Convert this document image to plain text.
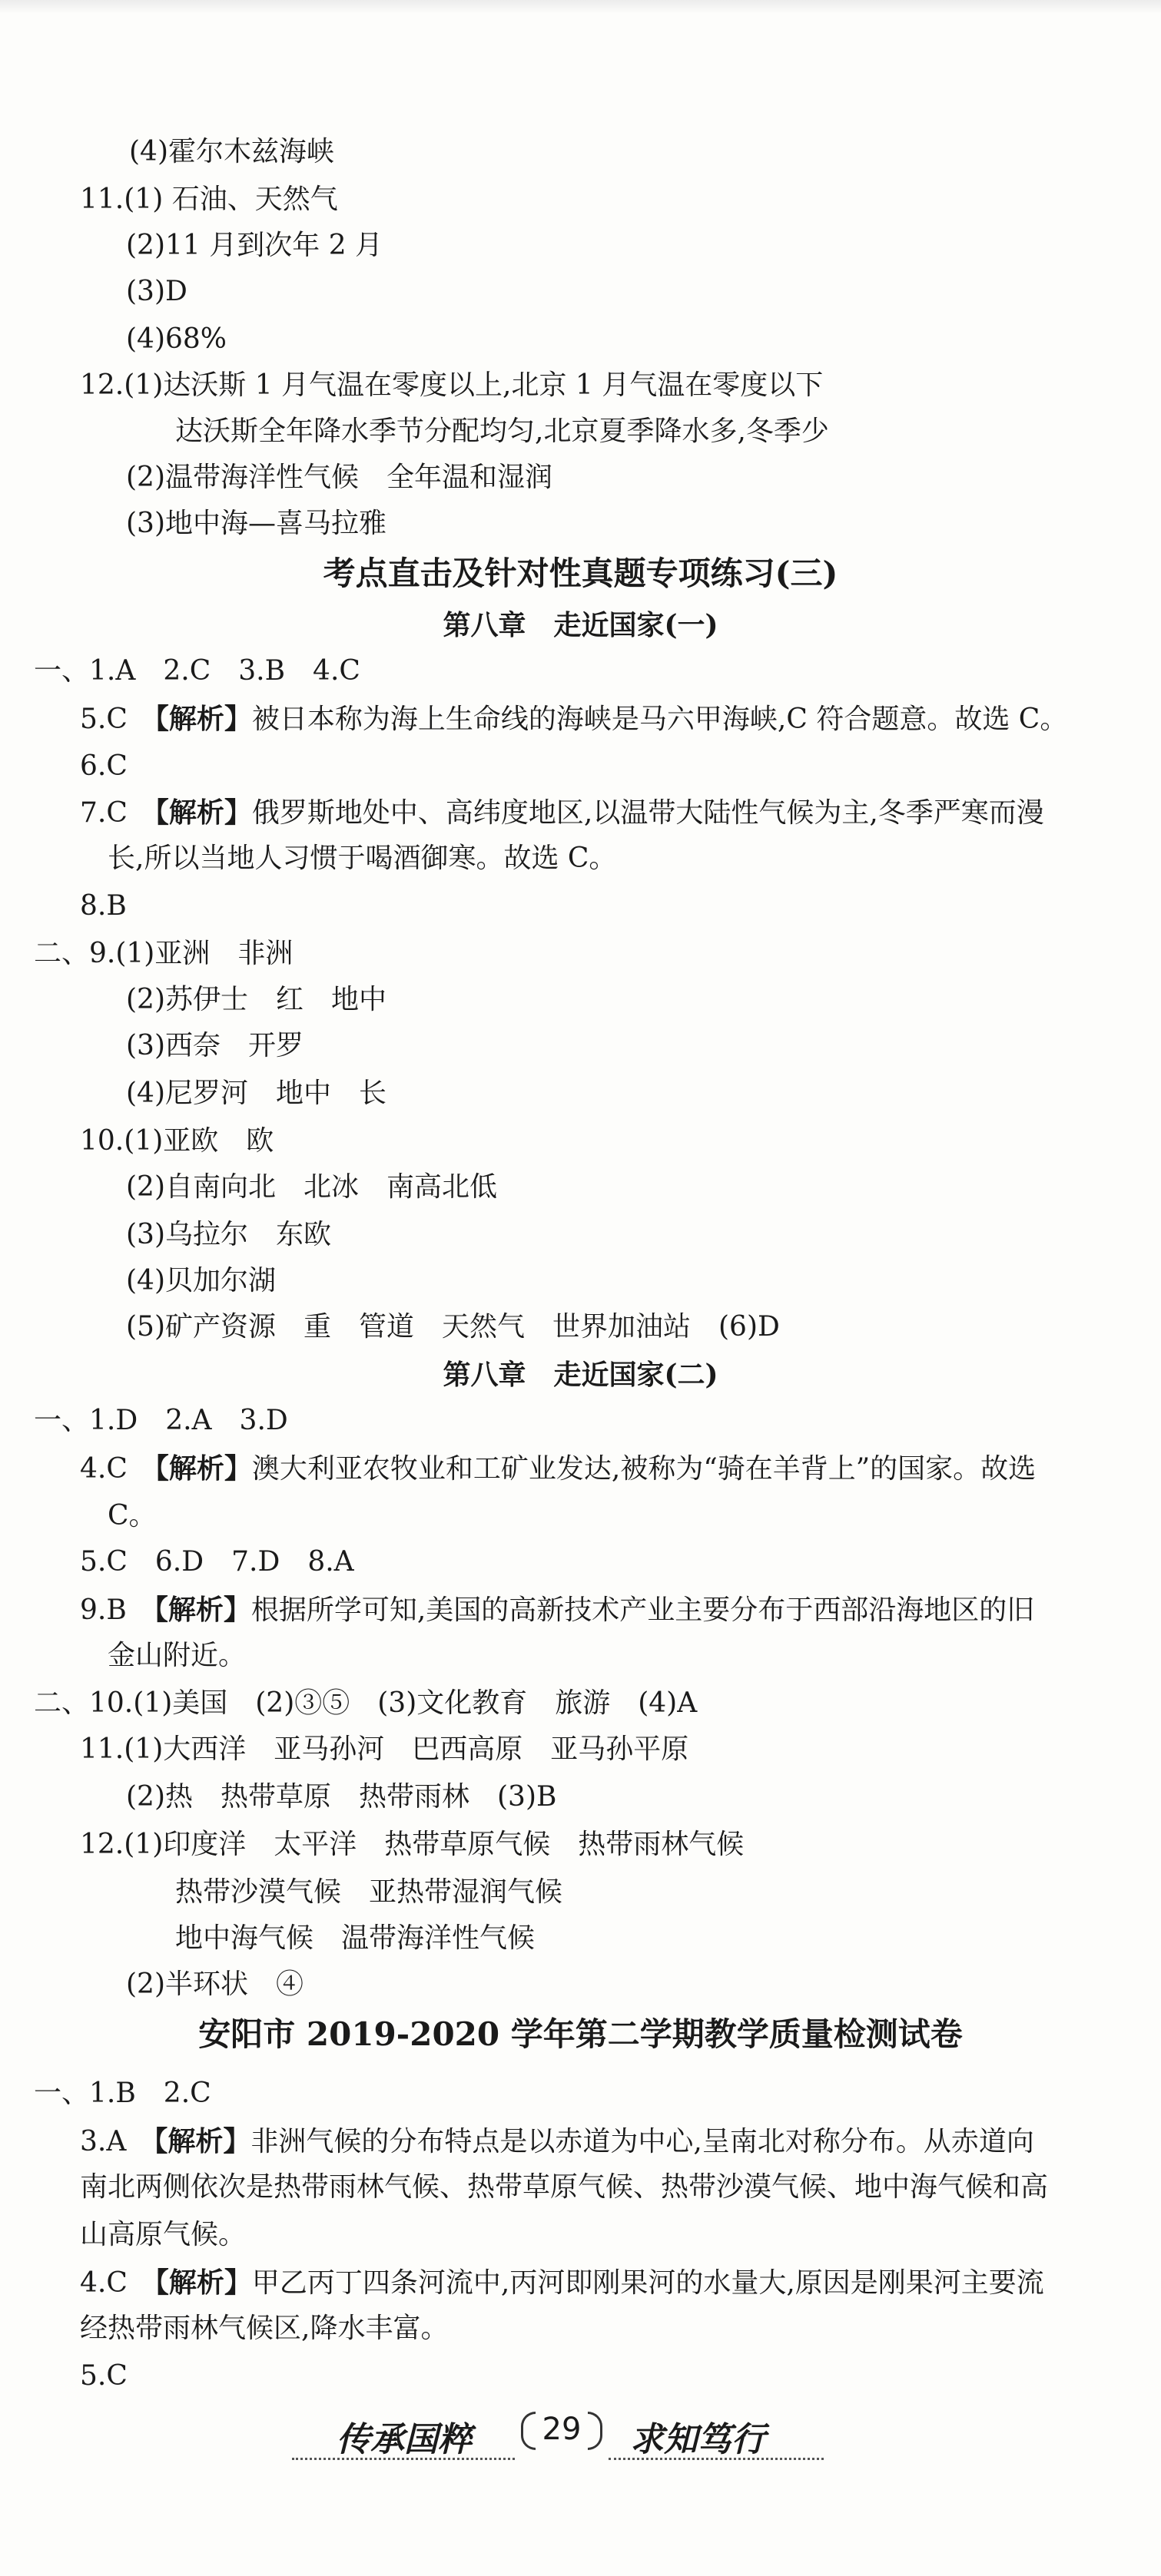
(4)霍尔木兹海峡
11.(1) 石油、天然气
(2)11 月到次年 2 月
(3)D
(4)68%
12.(1)达沃斯 1 月气温在零度以上,北京 1 月气温在零度以下
达沃斯全年降水季节分配均匀,北京夏季降水多,冬季少
(2)温带海洋性气候　全年温和湿润
(3)地中海—喜马拉雅
考点直击及针对性真题专项练习(三)
第八章　走近国家(一)
一、1.A　2.C　3.B　4.C
5.C　【解析】被日本称为海上生命线的海峡是马六甲海峡,C 符合题意。故选 C。
6.C
7.C　【解析】俄罗斯地处中、高纬度地区,以温带大陆性气候为主,冬季严寒而漫
长,所以当地人习惯于喝酒御寒。故选 C。
8.B
二、9.(1)亚洲　非洲
(2)苏伊士　红　地中
(3)西奈　开罗
(4)尼罗河　地中　长
10.(1)亚欧　欧
(2)自南向北　北冰　南高北低
(3)乌拉尔　东欧
(4)贝加尔湖
(5)矿产资源　重　管道　天然气　世界加油站　(6)D
第八章　走近国家(二)
一、1.D　2.A　3.D
4.C　【解析】澳大利亚农牧业和工矿业发达,被称为“骑在羊背上”的国家。故选
C。
5.C　6.D　7.D　8.A
9.B　【解析】根据所学可知,美国的高新技术产业主要分布于西部沿海地区的旧
金山附近。
二、10.(1)美国　(2)③⑤　(3)文化教育　旅游　(4)A
11.(1)大西洋　亚马孙河　巴西高原　亚马孙平原
(2)热　热带草原　热带雨林　(3)B
12.(1)印度洋　太平洋　热带草原气候　热带雨林气候
热带沙漠气候　亚热带湿润气候
地中海气候　温带海洋性气候
(2)半环状　④
安阳市 2019-2020 学年第二学期教学质量检测试卷
一、1.B　2.C
3.A　【解析】非洲气候的分布特点是以赤道为中心,呈南北对称分布。从赤道向
南北两侧依次是热带雨林气候、热带草原气候、热带沙漠气候、地中海气候和高
山高原气候。
4.C　【解析】甲乙丙丁四条河流中,丙河即刚果河的水量大,原因是刚果河主要流
经热带雨林气候区,降水丰富。
5.C
传承国粹	29	求知笃行
